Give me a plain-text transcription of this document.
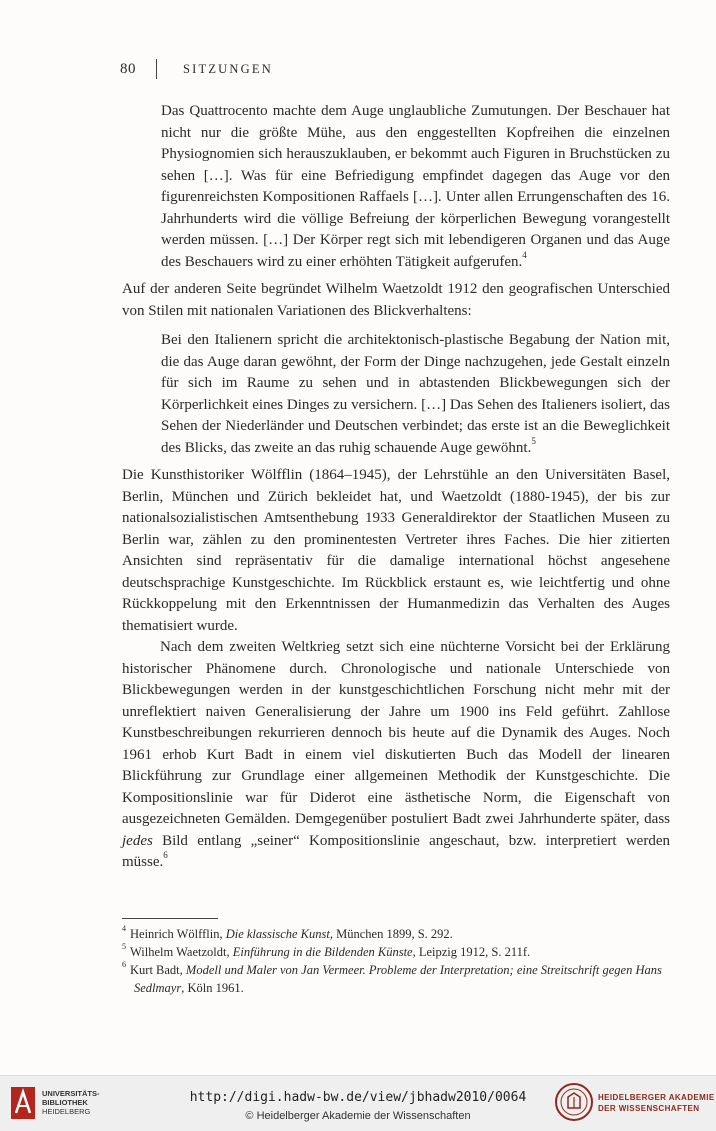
80	SITZUNGEN

Das Quattrocento machte dem Auge unglaubliche Zumutungen. Der Beschauer hat nicht nur die größte Mühe, aus den enggestellten Kopfreihen die einzelnen Physiognomien sich herauszuklauben, er bekommt auch Figuren in Bruchstücken zu sehen […]. Was für eine Befriedigung empfindet dagegen das Auge vor den figurenreichsten Kompositionen Raffaels […]. Unter allen Errungenschaften des 16. Jahrhunderts wird die völlige Befreiung der körperlichen Bewegung vorangestellt werden müssen. […] Der Körper regt sich mit lebendigeren Organen und das Auge des Beschauers wird zu einer erhöhten Tätigkeit aufgerufen.$^4$

Auf der anderen Seite begründet Wilhelm Waetzoldt 1912 den geografischen Unterschied von Stilen mit nationalen Variationen des Blickverhaltens:

Bei den Italienern spricht die architektonisch-plastische Begabung der Nation mit, die das Auge daran gewöhnt, der Form der Dinge nachzugehen, jede Gestalt einzeln für sich im Raume zu sehen und in abtastenden Blickbewegungen sich der Körperlichkeit eines Dinges zu versichern. […] Das Sehen des Italieners isoliert, das Sehen der Niederländer und Deutschen verbindet; das erste ist an die Beweglichkeit des Blicks, das zweite an das ruhig schauende Auge gewöhnt.$^5$

Die Kunsthistoriker Wölfflin (1864–1945), der Lehrstühle an den Universitäten Basel, Berlin, München und Zürich bekleidet hat, und Waetzoldt (1880-1945), der bis zur nationalsozialistischen Amtsenthebung 1933 Generaldirektor der Staatlichen Museen zu Berlin war, zählen zu den prominentesten Vertreter ihres Faches. Die hier zitierten Ansichten sind repräsentativ für die damalige international höchst angesehene deutschsprachige Kunstgeschichte. Im Rückblick erstaunt es, wie leichtfertig und ohne Rückkoppelung mit den Erkenntnissen der Humanmedizin das Verhalten des Auges thematisiert wurde.

Nach dem zweiten Weltkrieg setzt sich eine nüchterne Vorsicht bei der Erklärung historischer Phänomene durch. Chronologische und nationale Unterschiede von Blickbewegungen werden in der kunstgeschichtlichen Forschung nicht mehr mit der unreflektiert naiven Generalisierung der Jahre um 1900 ins Feld geführt. Zahllose Kunstbeschreibungen rekurrieren dennoch bis heute auf die Dynamik des Auges. Noch 1961 erhob Kurt Badt in einem viel diskutierten Buch das Modell der linearen Blickführung zur Grundlage einer allgemeinen Methodik der Kunstgeschichte. Die Kompositionslinie war für Diderot eine ästhetische Norm, die Eigenschaft von ausgezeichneten Gemälden. Demgegenüber postuliert Badt zwei Jahrhunderte später, dass jedes Bild entlang „seiner“ Kompositionslinie angeschaut, bzw. interpretiert werden müsse.$^6$

$^4$ Heinrich Wölfflin, Die klassische Kunst, München 1899, S. 292.

$^5$ Wilhelm Waetzoldt, Einführung in die Bildenden Künste, Leipzig 1912, S. 211f.

$^6$ Kurt Badt, Modell und Maler von Jan Vermeer. Probleme der Interpretation; eine Streitschrift gegen Hans Sedlmayr, Köln 1961.

UNIVERSITÄTS-
BIBLIOTHEK
HEIDELBERG
http://digi.hadw-bw.de/view/jbhadw2010/0064
© Heidelberger Akademie der Wissenschaften
HEIDELBERGER AKADEMIE
DER WISSENSCHAFTEN
